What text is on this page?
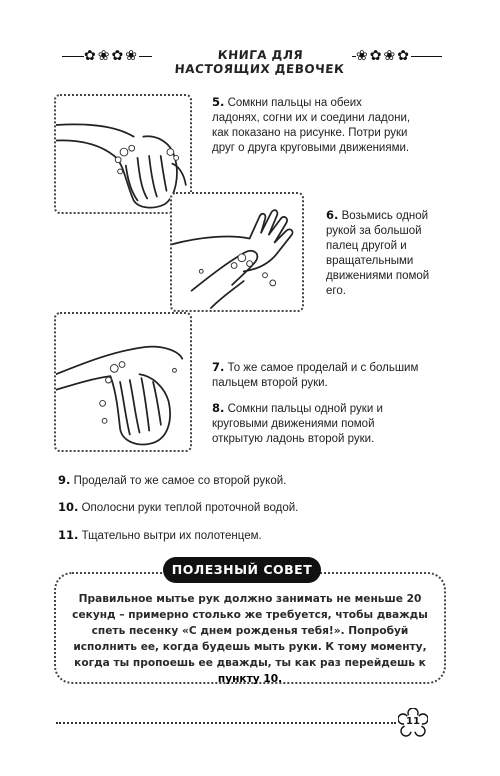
✿❀✿❀	КНИГА ДЛЯ НАСТОЯЩИХ ДЕВОЧЕК
❀✿❀✿

5. Сомкни пальцы на обеих ладонях, согни их и соедини ладони, как показано на рисунке. Потри руки друг о друга круговыми движениями.

6. Возьмись одной рукой за большой палец другой и вращательными движениями помой его.

7. То же самое проделай и с большим пальцем второй руки.

8. Сомкни пальцы одной руки и круговыми движениями помой открытую ладонь второй руки.

9. Проделай то же самое со второй рукой.

10. Ополосни руки теплой проточной водой.

11. Тщательно вытри их полотенцем.

ПОЛЕЗНЫЙ СОВЕТ

Правильное мытье рук должно занимать не меньше 20 секунд – примерно столько же требуется, чтобы дважды спеть песенку «С днем рожденья тебя!». Попробуй исполнить ее, когда будешь мыть руки. К тому моменту, когда ты пропоешь ее дважды, ты как раз перейдешь к пункту 10.

11
